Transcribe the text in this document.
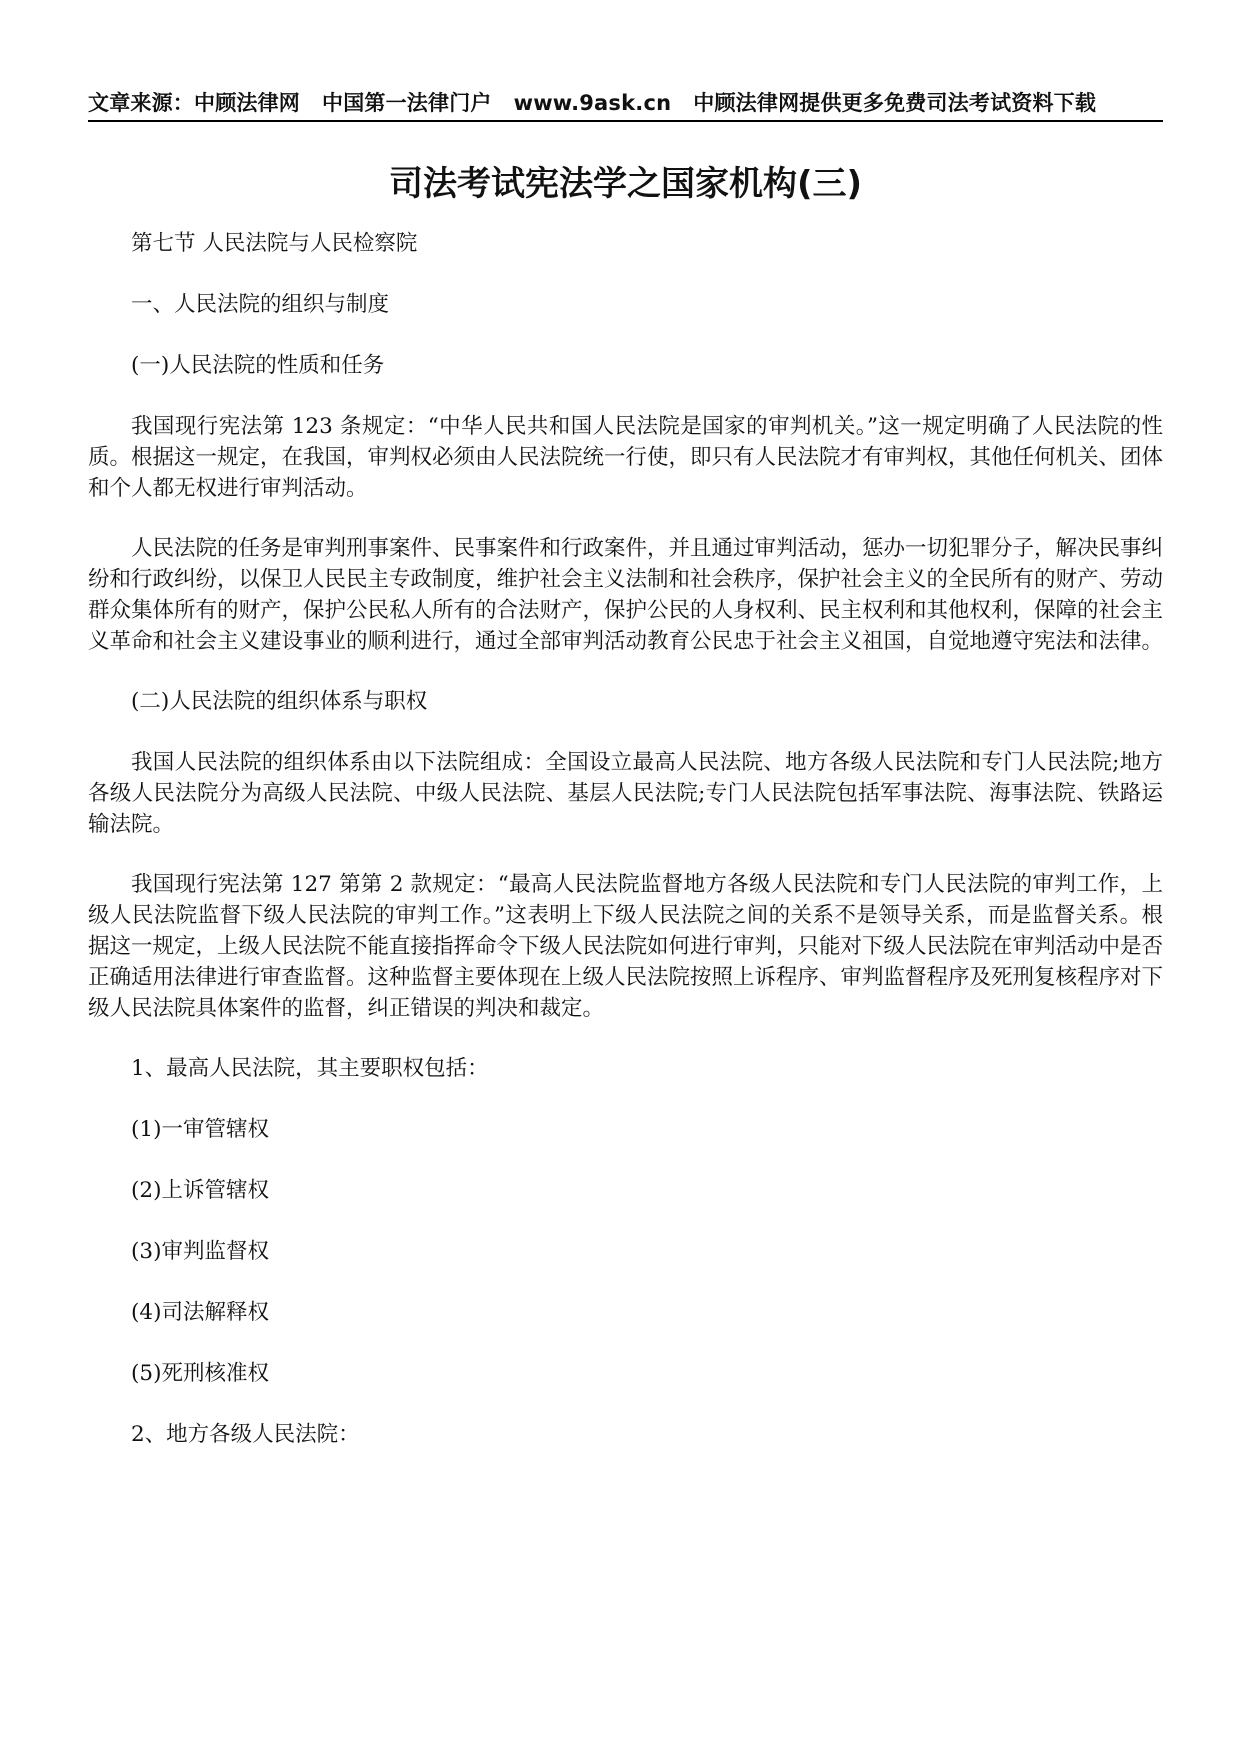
文章来源：中顾法律网 中国第一法律门户 www.9ask.cn 中顾法律网提供更多免费司法考试资料下载
司法考试宪法学之国家机构(三)

第七节 人民法院与人民检察院

一、人民法院的组织与制度

(一)人民法院的性质和任务

我国现行宪法第 123 条规定：“中华人民共和国人民法院是国家的审判机关。”这一规定明确了人民法院的性质。根据这一规定，在我国，审判权必须由人民法院统一行使，即只有人民法院才有审判权，其他任何机关、团体和个人都无权进行审判活动。

人民法院的任务是审判刑事案件、民事案件和行政案件，并且通过审判活动，惩办一切犯罪分子，解决民事纠纷和行政纠纷，以保卫人民民主专政制度，维护社会主义法制和社会秩序，保护社会主义的全民所有的财产、劳动群众集体所有的财产，保护公民私人所有的合法财产，保护公民的人身权利、民主权利和其他权利，保障的社会主义革命和社会主义建设事业的顺利进行，通过全部审判活动教育公民忠于社会主义祖国，自觉地遵守宪法和法律。

(二)人民法院的组织体系与职权

我国人民法院的组织体系由以下法院组成：全国设立最高人民法院、地方各级人民法院和专门人民法院;地方各级人民法院分为高级人民法院、中级人民法院、基层人民法院;专门人民法院包括军事法院、海事法院、铁路运输法院。

我国现行宪法第 127 第第 2 款规定：“最高人民法院监督地方各级人民法院和专门人民法院的审判工作，上级人民法院监督下级人民法院的审判工作。”这表明上下级人民法院之间的关系不是领导关系，而是监督关系。根据这一规定，上级人民法院不能直接指挥命令下级人民法院如何进行审判，只能对下级人民法院在审判活动中是否正确适用法律进行审查监督。这种监督主要体现在上级人民法院按照上诉程序、审判监督程序及死刑复核程序对下级人民法院具体案件的监督，纠正错误的判决和裁定。

1、最高人民法院，其主要职权包括：

(1)一审管辖权

(2)上诉管辖权

(3)审判监督权

(4)司法解释权

(5)死刑核准权

2、地方各级人民法院：
